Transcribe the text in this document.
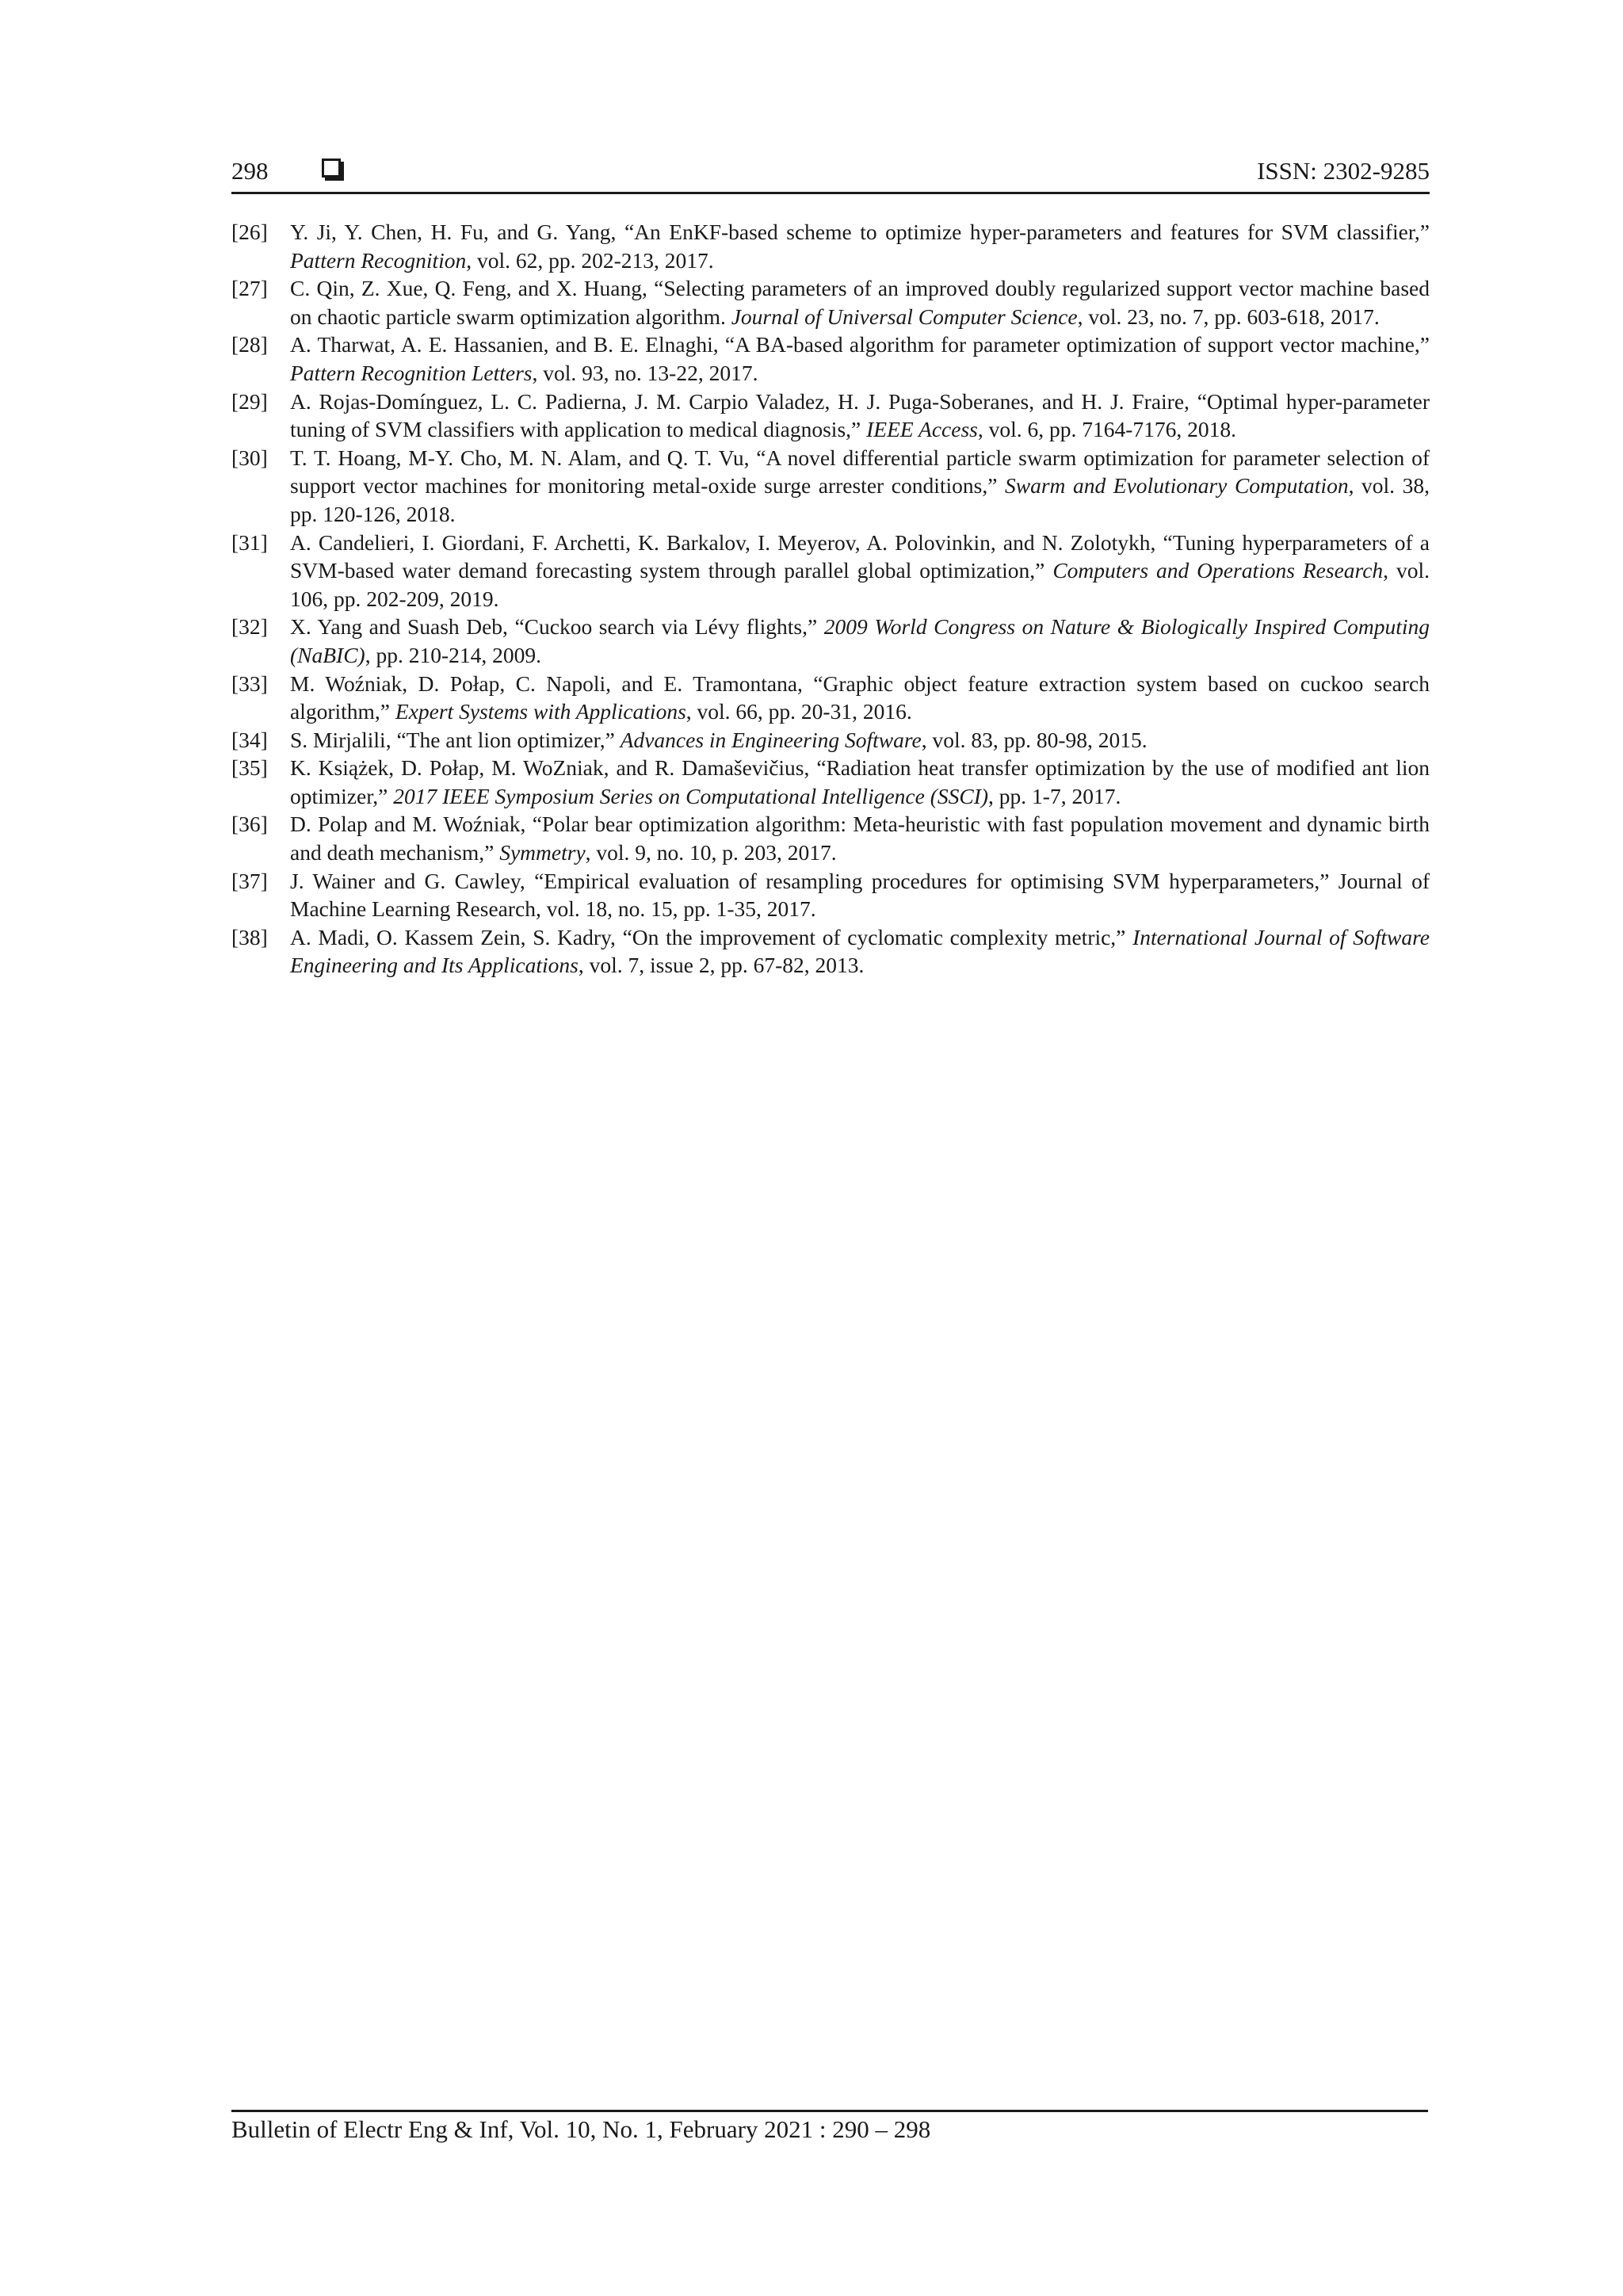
298	ISSN: 2302-9285
[26]	Y. Ji, Y. Chen, H. Fu, and G. Yang, “An EnKF-based scheme to optimize hyper-parameters and features for SVM classifier,” Pattern Recognition, vol. 62, pp. 202-213, 2017.
[27]	C. Qin, Z. Xue, Q. Feng, and X. Huang, “Selecting parameters of an improved doubly regularized support vector machine based on chaotic particle swarm optimization algorithm. Journal of Universal Computer Science, vol. 23, no. 7, pp. 603-618, 2017.
[28]	A. Tharwat, A. E. Hassanien, and B. E. Elnaghi, “A BA-based algorithm for parameter optimization of support vector machine,” Pattern Recognition Letters, vol. 93, no. 13-22, 2017.
[29]	A. Rojas-Domínguez, L. C. Padierna, J. M. Carpio Valadez, H. J. Puga-Soberanes, and H. J. Fraire, “Optimal hyper-parameter tuning of SVM classifiers with application to medical diagnosis,” IEEE Access, vol. 6, pp. 7164-7176, 2018.
[30]	T. T. Hoang, M-Y. Cho, M. N. Alam, and Q. T. Vu, “A novel differential particle swarm optimization for parameter selection of support vector machines for monitoring metal-oxide surge arrester conditions,” Swarm and Evolutionary Computation, vol. 38, pp. 120-126, 2018.
[31]	A. Candelieri, I. Giordani, F. Archetti, K. Barkalov, I. Meyerov, A. Polovinkin, and N. Zolotykh, “Tuning hyperparameters of a SVM-based water demand forecasting system through parallel global optimization,” Computers and Operations Research, vol. 106, pp. 202-209, 2019.
[32]	X. Yang and Suash Deb, “Cuckoo search via Lévy flights,” 2009 World Congress on Nature & Biologically Inspired Computing (NaBIC), pp. 210-214, 2009.
[33]	M. Woźniak, D. Połap, C. Napoli, and E. Tramontana, “Graphic object feature extraction system based on cuckoo search algorithm,” Expert Systems with Applications, vol. 66, pp. 20-31, 2016.
[34]	S. Mirjalili, “The ant lion optimizer,” Advances in Engineering Software, vol. 83, pp. 80-98, 2015.
[35]	K. Książek, D. Połap, M. WoZniak, and R. Damaševičius, “Radiation heat transfer optimization by the use of modified ant lion optimizer,” 2017 IEEE Symposium Series on Computational Intelligence (SSCI), pp. 1-7, 2017.
[36]	D. Polap and M. Woźniak, “Polar bear optimization algorithm: Meta-heuristic with fast population movement and dynamic birth and death mechanism,” Symmetry, vol. 9, no. 10, p. 203, 2017.
[37]	J. Wainer and G. Cawley, “Empirical evaluation of resampling procedures for optimising SVM hyperparameters,” Journal of Machine Learning Research, vol. 18, no. 15, pp. 1-35, 2017.
[38]	A. Madi, O. Kassem Zein, S. Kadry, “On the improvement of cyclomatic complexity metric,” International Journal of Software Engineering and Its Applications, vol. 7, issue 2, pp. 67-82, 2013.
Bulletin of Electr Eng & Inf, Vol. 10, No. 1, February 2021 : 290 – 298
